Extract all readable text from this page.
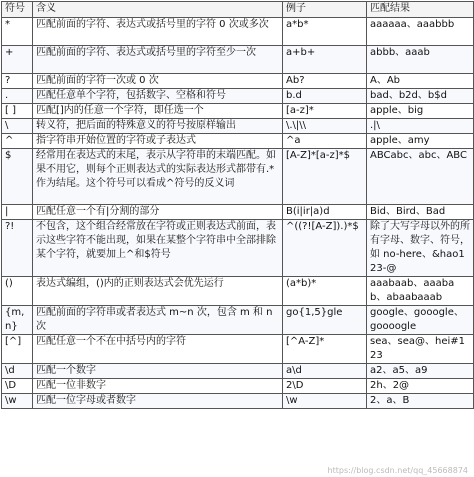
符号	含义	例子	匹配结果
*	匹配前面的字符、表达式或括号里的字符 0 次或多次	a*b*	aaaaaa、aaabbb
+	匹配前面的字符、表达式或括号里的字符至少一次	a+b+	abbb、aaab
?	匹配前面的字符一次或 0 次	Ab?	A、Ab
.	匹配任意单个字符，包括数字、空格和符号	b.d	bad、b2d、b$d
[ ]	匹配[]内的任意一个字符，即任选一个	[a-z]*	apple、big
\	转义符，把后面的特殊意义的符号按原样输出	\.\|\\	.|\
^	指字符串开始位置的字符或子表达式	^a	apple、amy
$	经常用在表达式的末尾，表示从字符串的末端匹配。如果不用它，则每个正则表达式的实际表达形式都带有.*作为结尾。这个符号可以看成^符号的反义词	[A-Z]*[a-z]*$	ABCabc、abc、ABC
|	匹配任意一个有|分割的部分	B(i|ir|a)d	Bid、Bird、Bad
?!	不包含，这个组合经常放在字符或正则表达式前面，表示这些字符不能出现，如果在某整个字符串中全部排除某个字符，就要加上^和$符号	^((?![A-Z]).)*$	除了大写字母以外的所有字母、数字、符号，如 no-here、&hao123-@
()	表达式编组，()内的正则表达式会优先运行	(a*b)*	aaabaab、aaabab、abaabaaab
{m,n}	匹配前面的字符串或者表达式 m~n 次，包含 m 和 n 次	go{1,5}gle	google、gooogle、goooogle
[^]	匹配任意一个不在中括号内的字符	[^A-Z]*	sea、sea@、hei#123
\d	匹配一个数字	a\d	a2、a5、a9
\D	匹配一位非数字	2\D	2h、2@
\w	匹配一位字母或者数字	\w	2、a、B
https://blog.csdn.net/qq_45668874
